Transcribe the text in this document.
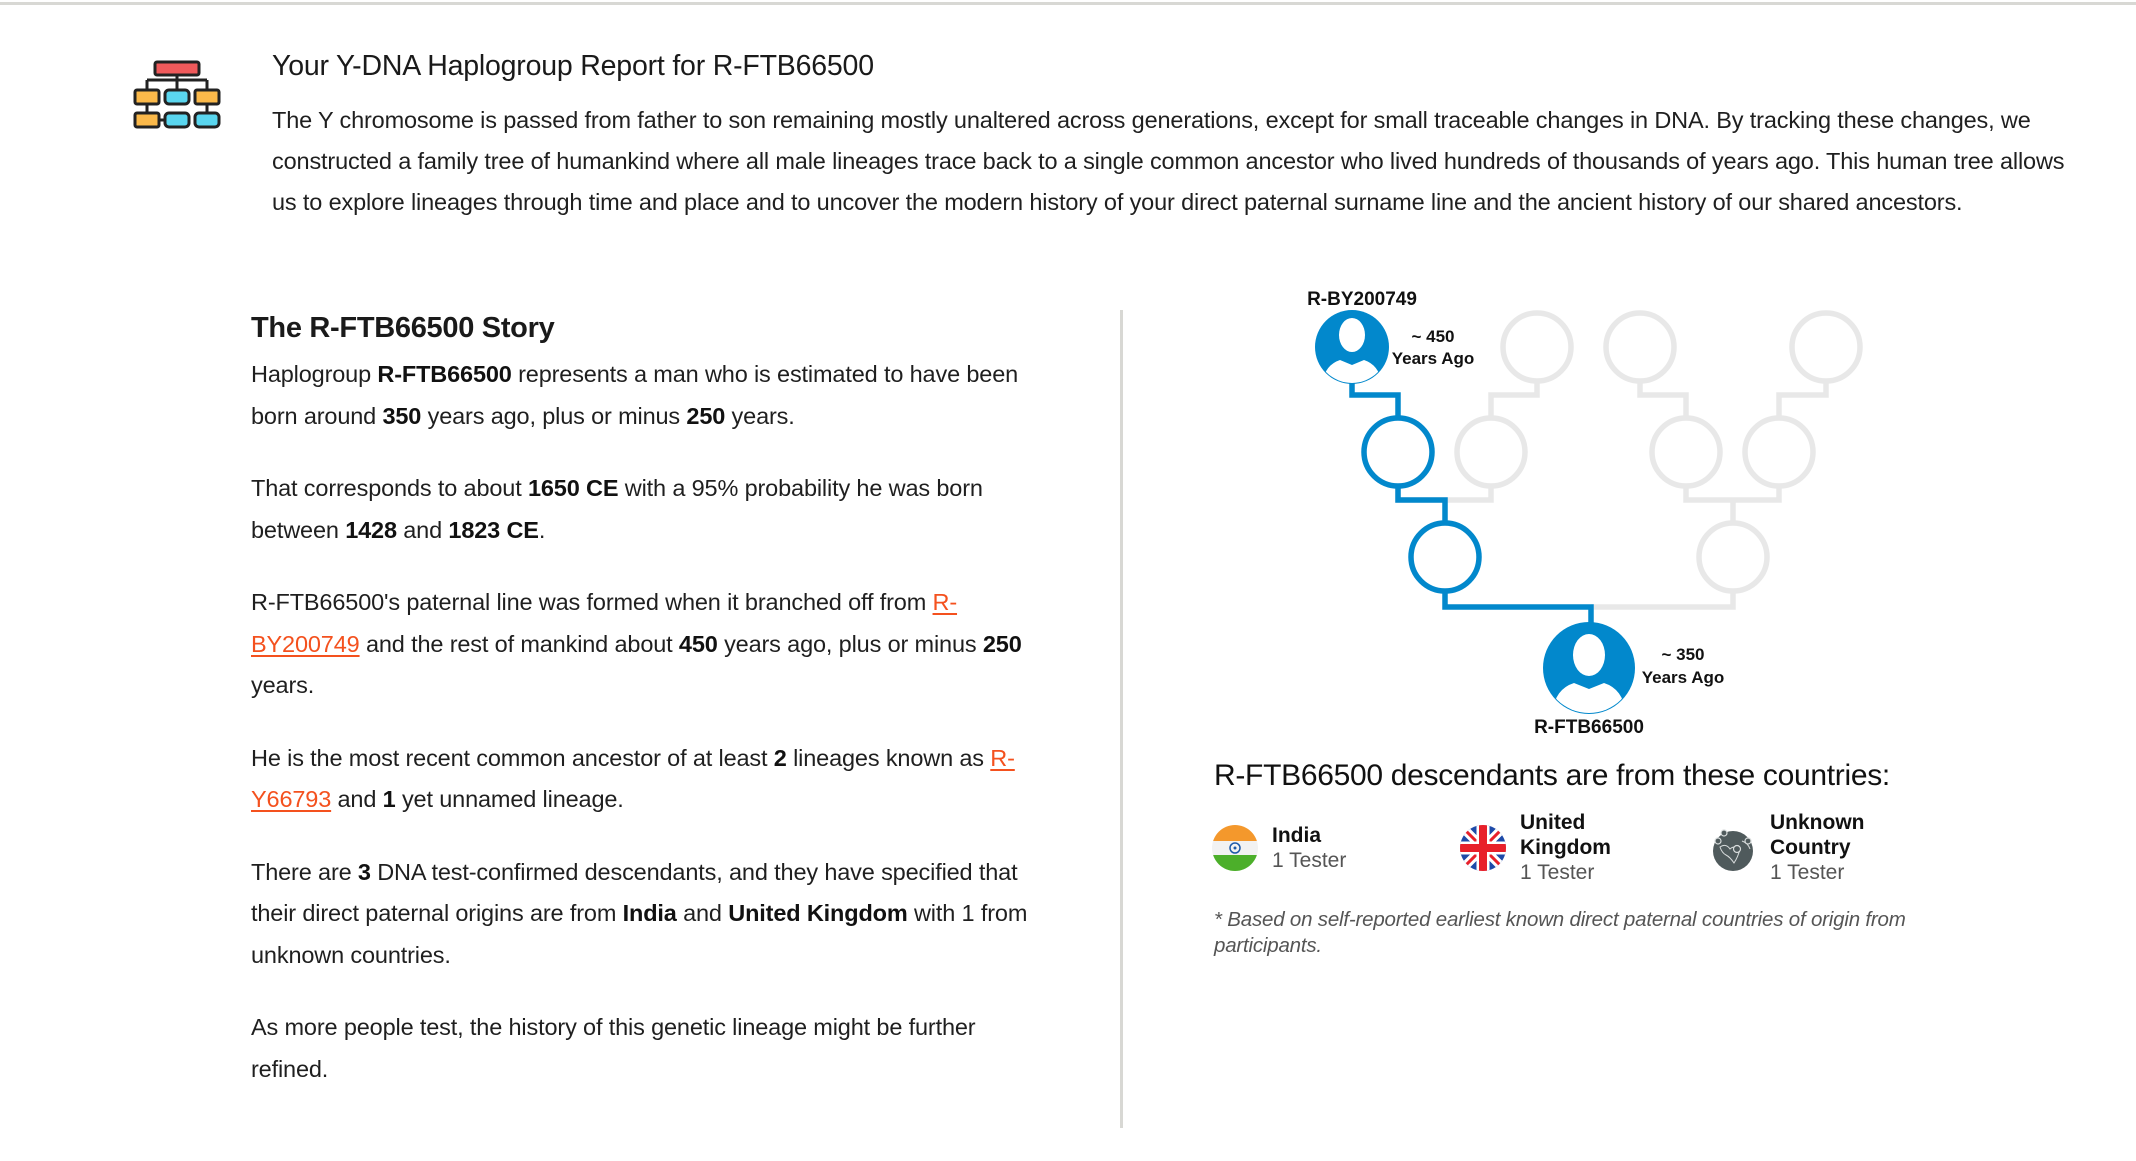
Your Y-DNA Haplogroup Report for R-FTB66500

The Y chromosome is passed from father to son remaining mostly unaltered across generations, except for small traceable changes in DNA. By tracking these changes, we constructed a family tree of humankind where all male lineages trace back to a single common ancestor who lived hundreds of thousands of years ago. This human tree allows us to explore lineages through time and place and to uncover the modern history of your direct paternal surname line and the ancient history of our shared ancestors.

The R-FTB66500 Story

Haplogroup R-FTB66500 represents a man who is estimated to have been born around 350 years ago, plus or minus 250 years.

That corresponds to about 1650 CE with a 95% probability he was born between 1428 and 1823 CE.

R-FTB66500's paternal line was formed when it branched off from R-BY200749 and the rest of mankind about 450 years ago, plus or minus 250 years.

He is the most recent common ancestor of at least 2 lineages known as R-Y66793 and 1 yet unnamed lineage.

There are 3 DNA test-confirmed descendants, and they have specified that their direct paternal origins are from India and United Kingdom with 1 from unknown countries.

As more people test, the history of this genetic lineage might be further refined.

R-BY200749
~ 450
Years Ago
~ 350
Years Ago
R-FTB66500
R-FTB66500 descendants are from these countries:
India
1 Tester
United
Kingdom
1 Tester
Unknown
Country
1 Tester

* Based on self-reported earliest known direct paternal countries of origin from participants.
